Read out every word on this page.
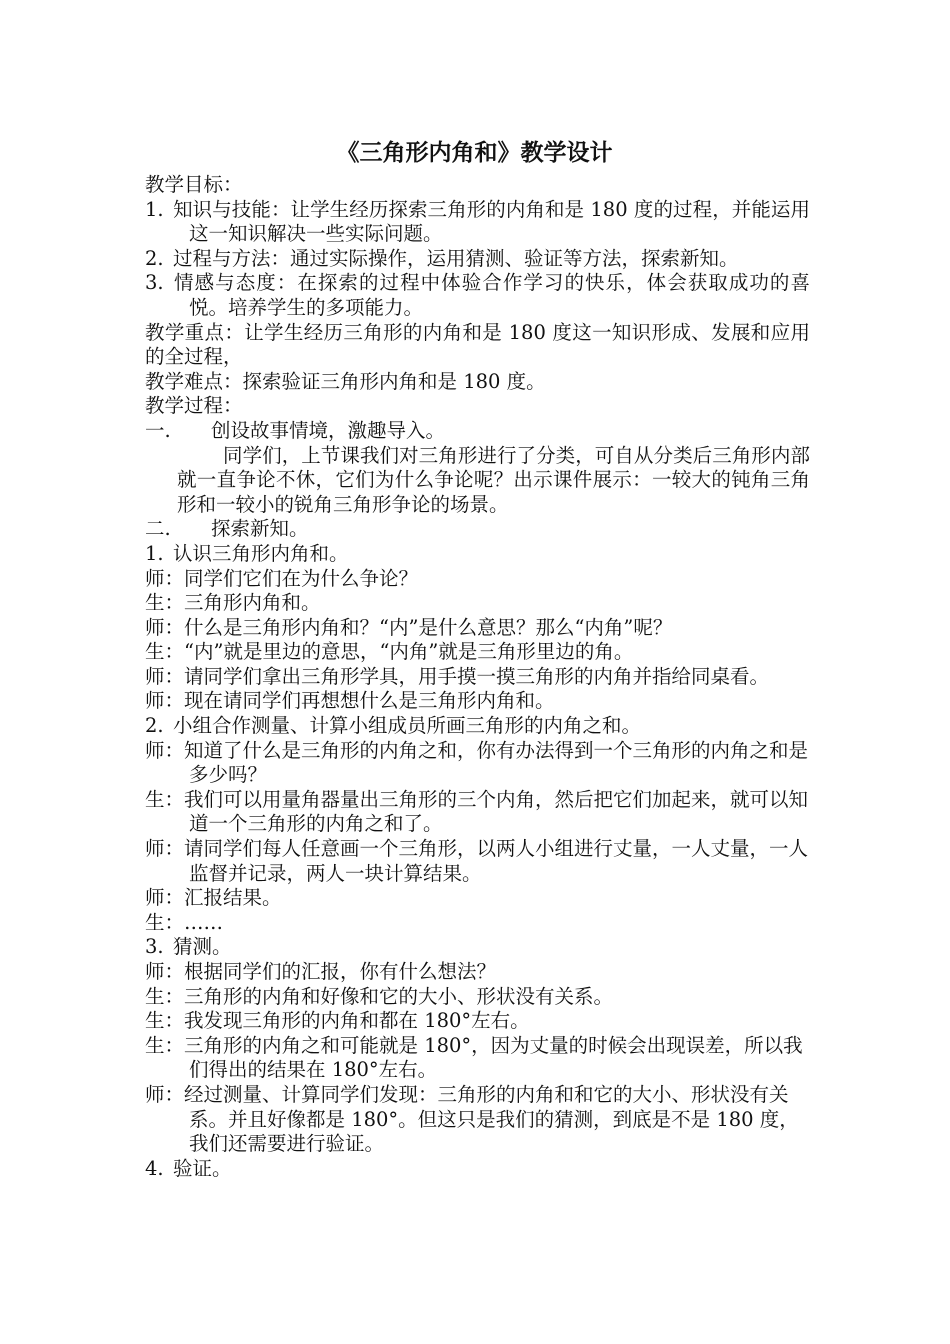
《三角形内角和》教学设计
教学目标：
1. 知识与技能：让学生经历探索三角形的内角和是 180 度的过程，并能运用这一知识解决一些实际问题。
2. 过程与方法：通过实际操作，运用猜测、验证等方法，探索新知。
3. 情感与态度：在探索的过程中体验合作学习的快乐，体会获取成功的喜悦。培养学生的多项能力。
教学重点：让学生经历三角形的内角和是 180 度这一知识形成、发展和应用的全过程，
教学难点：探索验证三角形内角和是 180 度。
教学过程：
一. 创设故事情境，激趣导入。
同学们，上节课我们对三角形进行了分类，可自从分类后三角形内部就一直争论不休，它们为什么争论呢？出示课件展示：一较大的钝角三角形和一较小的锐角三角形争论的场景。
二. 探索新知。
1. 认识三角形内角和。
师：同学们它们在为什么争论？
生：三角形内角和。
师：什么是三角形内角和？“内”是什么意思？那么“内角”呢？
生：“内”就是里边的意思，“内角”就是三角形里边的角。
师：请同学们拿出三角形学具，用手摸一摸三角形的内角并指给同桌看。
师：现在请同学们再想想什么是三角形内角和。
2. 小组合作测量、计算小组成员所画三角形的内角之和。
师：知道了什么是三角形的内角之和，你有办法得到一个三角形的内角之和是多少吗？
生：我们可以用量角器量出三角形的三个内角，然后把它们加起来，就可以知道一个三角形的内角之和了。
师：请同学们每人任意画一个三角形，以两人小组进行丈量，一人丈量，一人监督并记录，两人一块计算结果。
师：汇报结果。
生：……
3. 猜测。
师：根据同学们的汇报，你有什么想法？
生：三角形的内角和好像和它的大小、形状没有关系。
生：我发现三角形的内角和都在 180°左右。
生：三角形的内角之和可能就是 180°，因为丈量的时候会出现误差，所以我们得出的结果在 180°左右。
师：经过测量、计算同学们发现：三角形的内角和和它的大小、形状没有关系。并且好像都是 180°。但这只是我们的猜测，到底是不是 180 度，我们还需要进行验证。
4. 验证。
